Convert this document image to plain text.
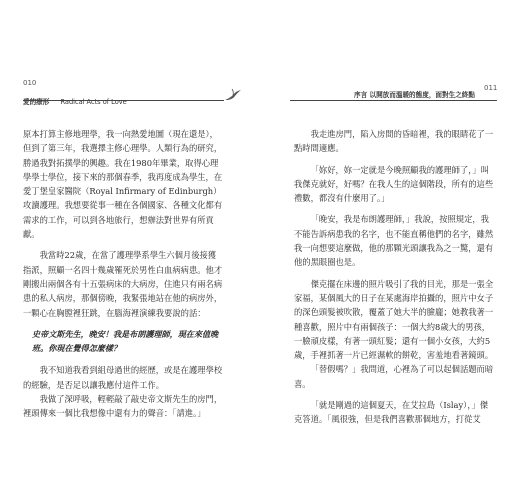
010
愛的療形 Radical Acts of Love

原本打算主修地理學，我一向熱愛地圖（現在還是），但到了第三年，我選擇主修心理學。人類行為的研究，勝過我對拓撲學的興趣。我在1980年畢業，取得心理學學士學位，接下來的那個春季，我再度成為學生，在愛丁堡皇家醫院（Royal Infirmary of Edinburgh）攻讀護理。我想要從事一種在各個國家、各種文化都有需求的工作，可以到各地旅行，想辦法對世界有所貢獻。

我當時22歲，在當了護理學系學生六個月後接獲指派，照顧一名四十幾歲罹死於男性白血病病患。他才剛搬出兩個各有十五張病床的大病房，住進只有兩名病患的私人病房，那個傍晚，我緊張地站在他的病房外，一顆心在胸膛裡狂跳，在腦海裡演練我要說的話：

史帝文斯先生，晚安！我是布朗護理師，現在來值晚班。你現在覺得怎麼樣？

我不知道我看到組母過世的經歷，或是在護理學校的經驗，是否足以讓我應付這件工作。

我做了深呼吸，輕輕敲了敲史帝文斯先生的房門，裡頭傳來一個比我想像中還有力的聲音：「請進。」

序言 以開放而溫暖的態度，面對生之終點
011

我走進房門，陷入房間的昏暗裡，我的眼睛花了一點時間適應。

「妳好，妳一定就是今晚照顧我的護理師了，」叫我傑克就好，好嗎？在我人生的這個階段，所有的這些禮數，都沒有什麼用了。」

「晚安，我是布朗護理師，」我說，按照規定，我不能告訴病患我的名字，也不能直稱他們的名字，雖然我一向想要這麼做，他的那顆光頭讓我為之一驚，還有他的黑眼圈也是。

傑克擺在床邊的照片吸引了我的目光，那是一張全家福，某個風大的日子在某處海岸拍攝的，照片中女子的深色頭髮被吹散，覆蓋了她大半的臉龐；她教我著一種喜歡，照片中有兩個孩子：一個大約8歲大的男孩，一臉頑皮樣，有著一頭紅髮；還有一個小女孩，大約5歲，手裡抓著一片已經濕軟的餅乾，害羞地看著鏡頭。

「替假嗎？」我問道，心裡為了可以起個話題而暗喜。

「就是剛過的這個夏天，在艾拉島（Islay），」傑克答道。「風很強，但是我們喜歡那個地方，打從艾
